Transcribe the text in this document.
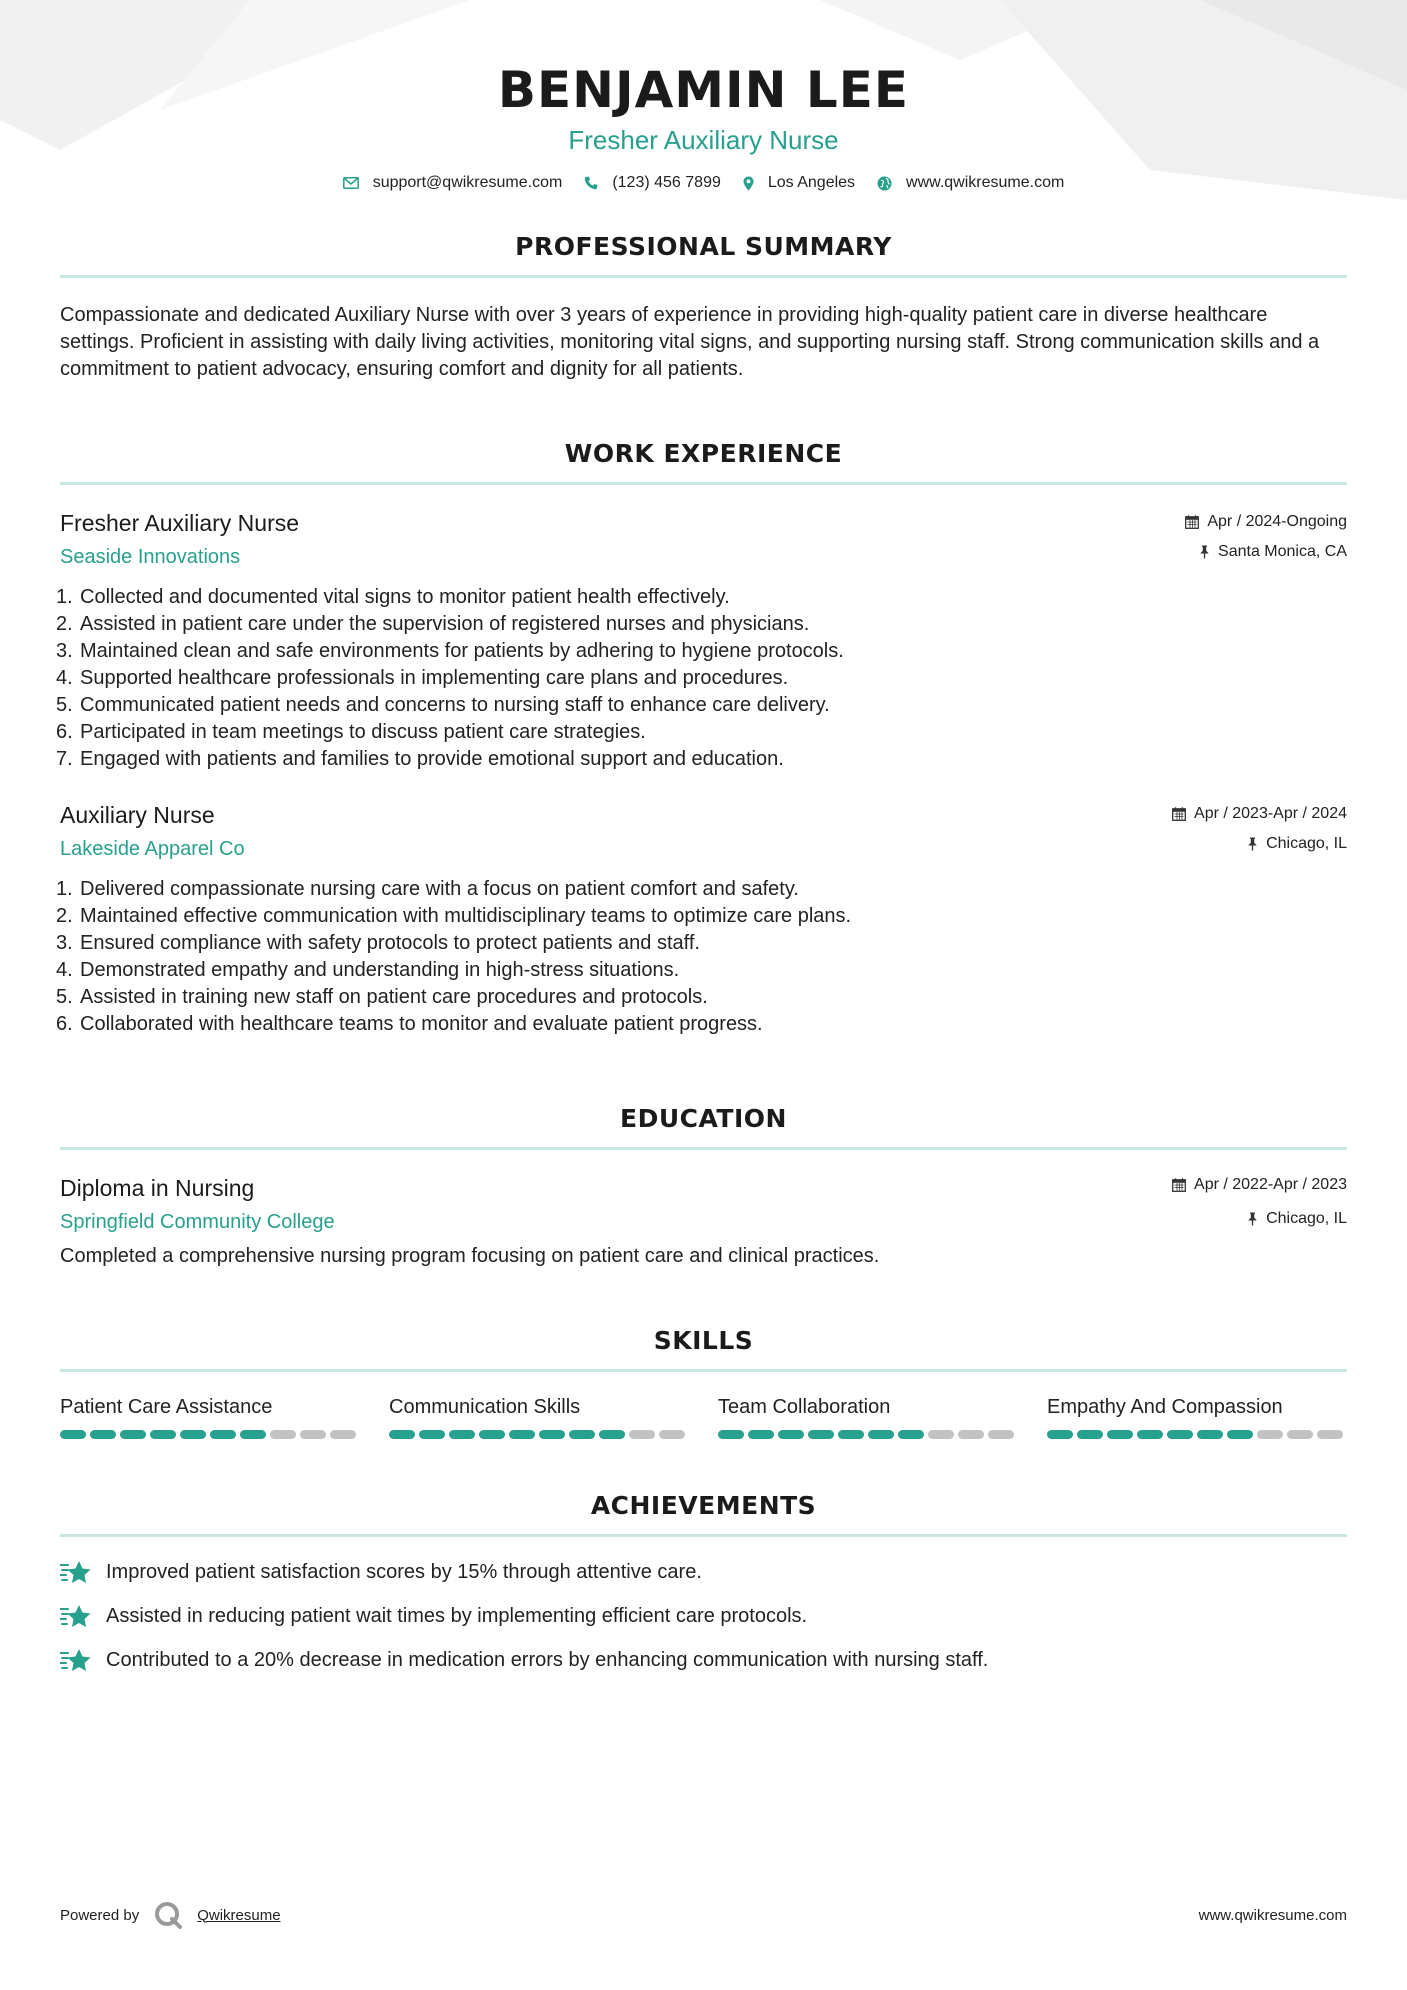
BENJAMIN LEE
Fresher Auxiliary Nurse
support@qwikresume.com	(123) 456 7899	Los Angeles	www.qwikresume.com
PROFESSIONAL SUMMARY

Compassionate and dedicated Auxiliary Nurse with over 3 years of experience in providing high-quality patient care in diverse healthcare settings. Proficient in assisting with daily living activities, monitoring vital signs, and supporting nursing staff. Strong communication skills and a commitment to patient advocacy, ensuring comfort and dignity for all patients.

WORK EXPERIENCE
Fresher Auxiliary Nurse
Seaside Innovations
Apr / 2024-Ongoing
Santa Monica, CA
1. Collected and documented vital signs to monitor patient health effectively.
2. Assisted in patient care under the supervision of registered nurses and physicians.
3. Maintained clean and safe environments for patients by adhering to hygiene protocols.
4. Supported healthcare professionals in implementing care plans and procedures.
5. Communicated patient needs and concerns to nursing staff to enhance care delivery.
6. Participated in team meetings to discuss patient care strategies.
7. Engaged with patients and families to provide emotional support and education.
Auxiliary Nurse
Lakeside Apparel Co
Apr / 2023-Apr / 2024
Chicago, IL
1. Delivered compassionate nursing care with a focus on patient comfort and safety.
2. Maintained effective communication with multidisciplinary teams to optimize care plans.
3. Ensured compliance with safety protocols to protect patients and staff.
4. Demonstrated empathy and understanding in high-stress situations.
5. Assisted in training new staff on patient care procedures and protocols.
6. Collaborated with healthcare teams to monitor and evaluate patient progress.
EDUCATION
Diploma in Nursing
Springfield Community College
Apr / 2022-Apr / 2023
Chicago, IL

Completed a comprehensive nursing program focusing on patient care and clinical practices.

SKILLS
Patient Care Assistance	Communication Skills	Team Collaboration	Empathy And Compassion
ACHIEVEMENTS
Improved patient satisfaction scores by 15% through attentive care.
Assisted in reducing patient wait times by implementing efficient care protocols.
Contributed to a 20% decrease in medication errors by enhancing communication with nursing staff.
Powered by	Qwikresume	www.qwikresume.com
